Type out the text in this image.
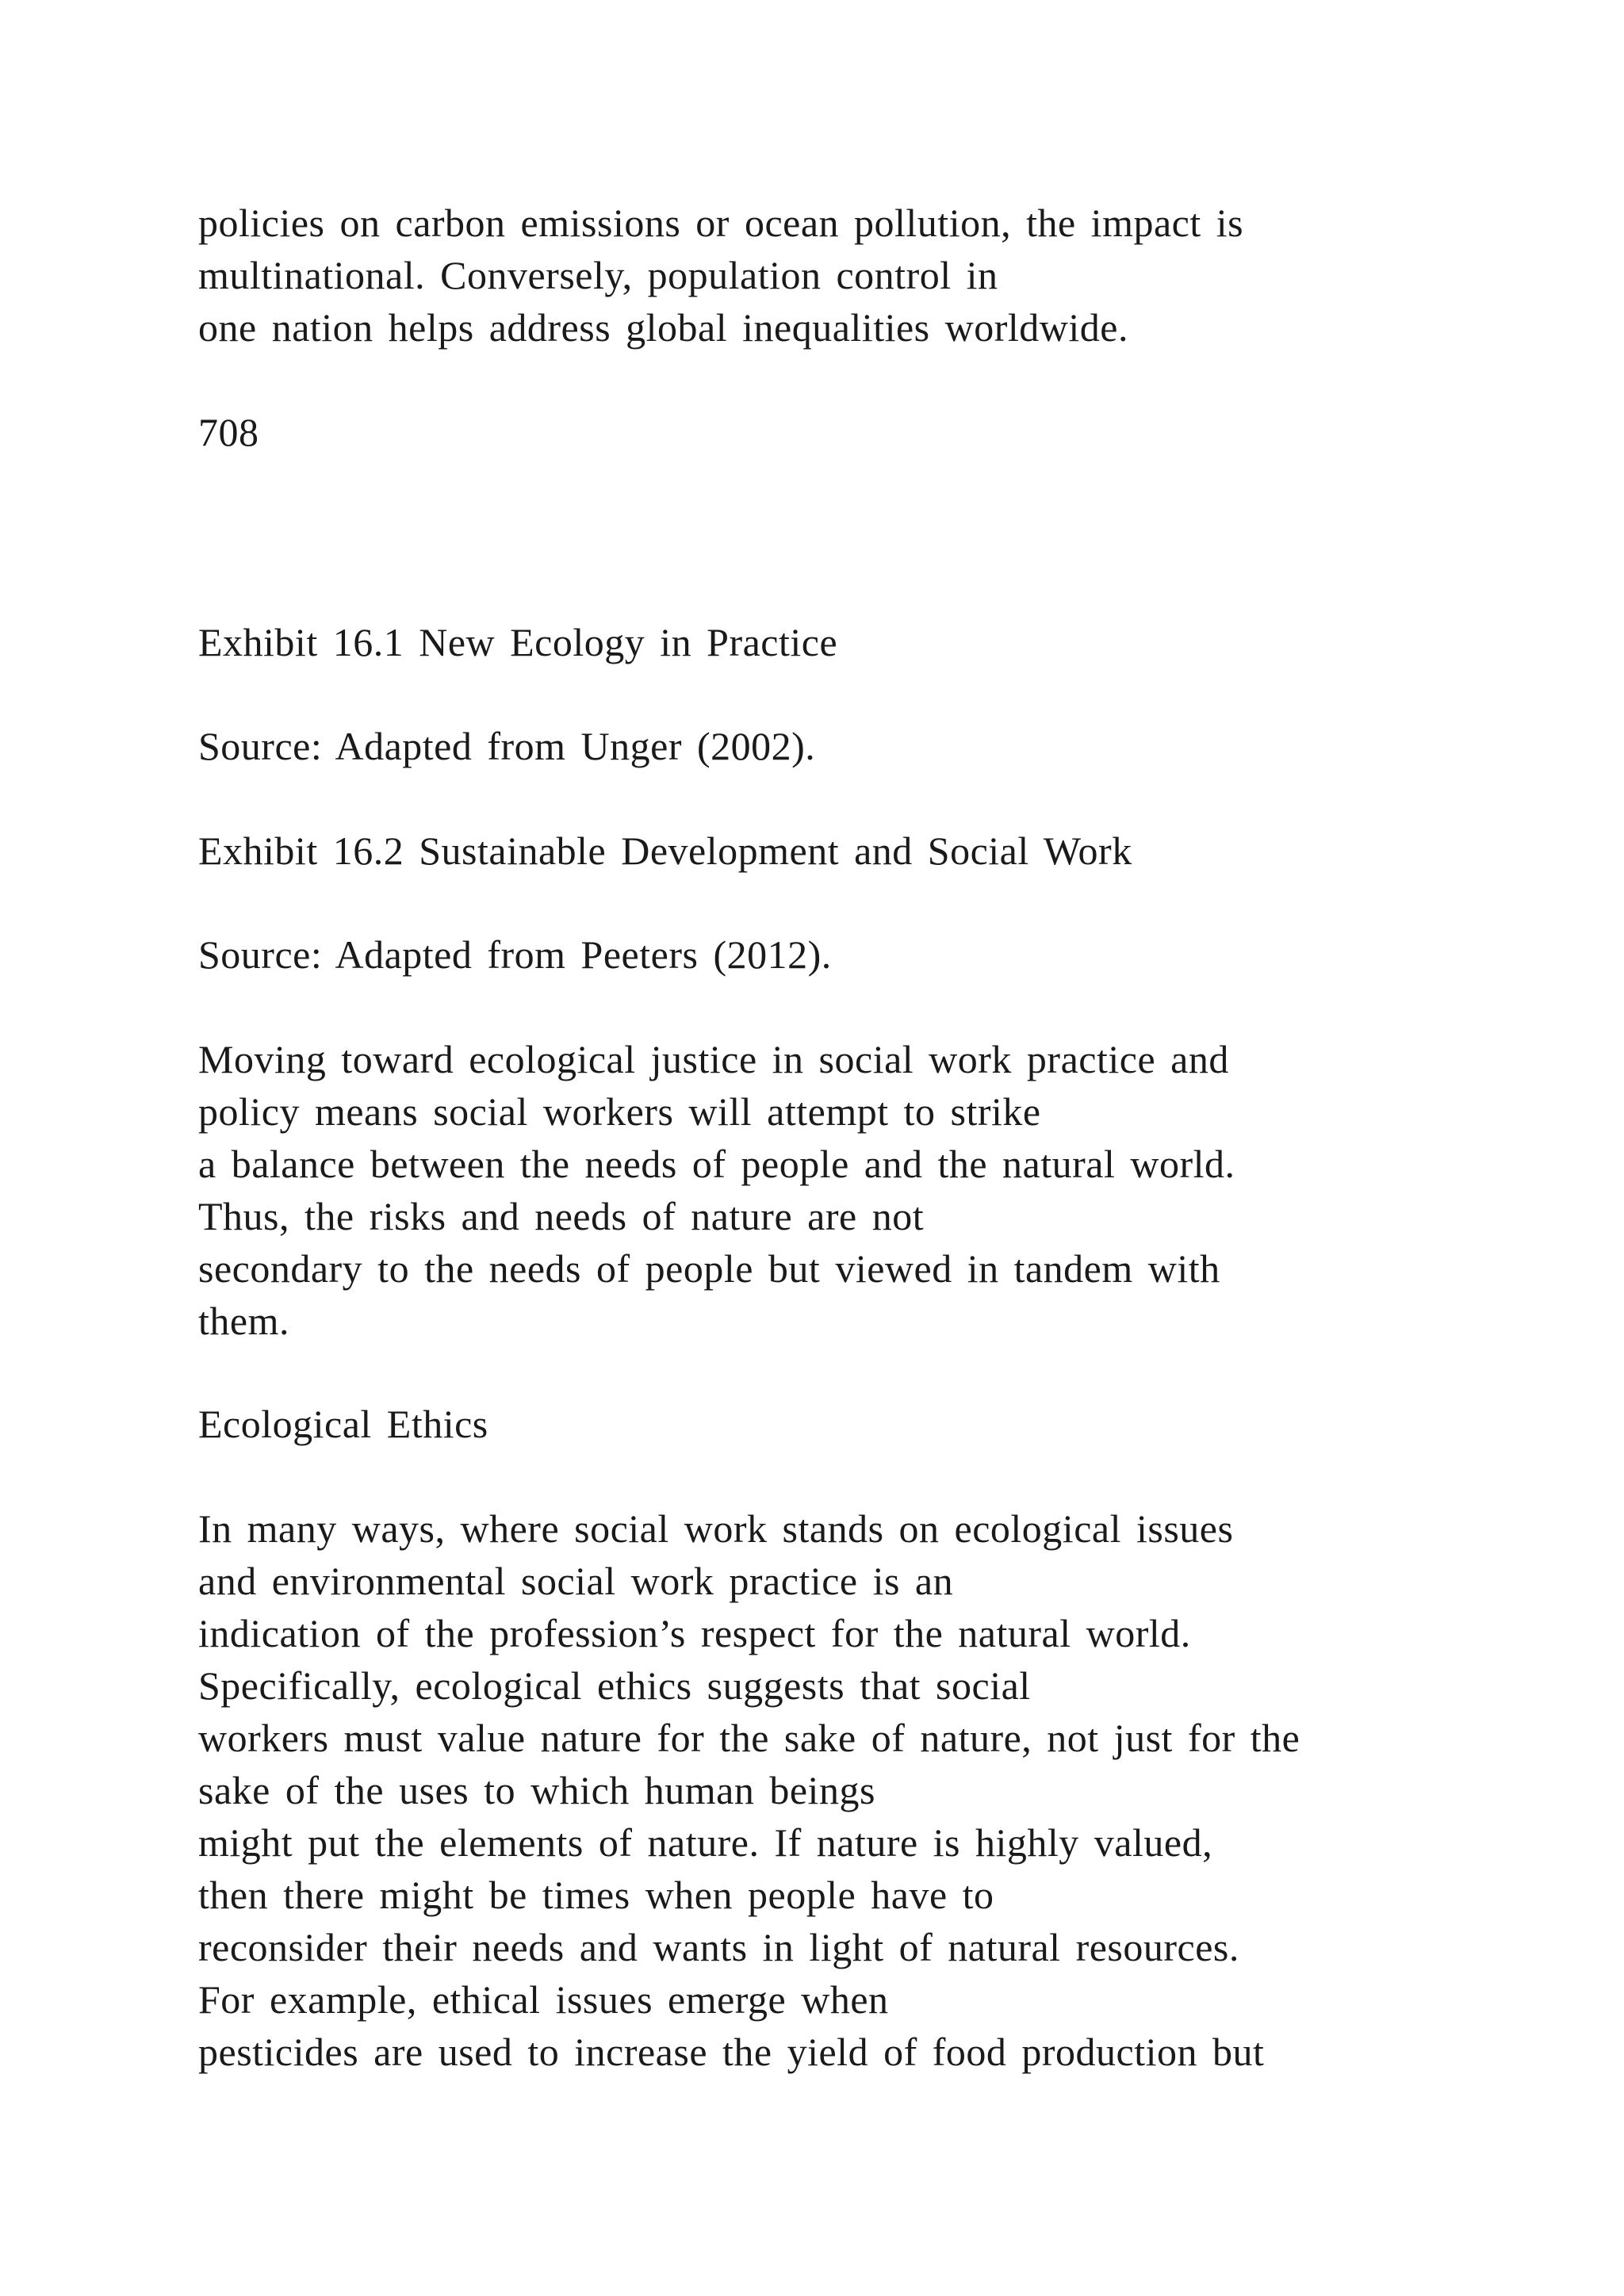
policies on carbon emissions or ocean pollution, the impact is
multinational. Conversely, population control in
one nation helps address global inequalities worldwide.
708
Exhibit 16.1 New Ecology in Practice
Source: Adapted from Unger (2002).
Exhibit 16.2 Sustainable Development and Social Work
Source: Adapted from Peeters (2012).
Moving toward ecological justice in social work practice and
policy means social workers will attempt to strike
a balance between the needs of people and the natural world.
Thus, the risks and needs of nature are not
secondary to the needs of people but viewed in tandem with
them.
Ecological Ethics
In many ways, where social work stands on ecological issues
and environmental social work practice is an
indication of the profession’s respect for the natural world.
Specifically, ecological ethics suggests that social
workers must value nature for the sake of nature, not just for the
sake of the uses to which human beings
might put the elements of nature. If nature is highly valued,
then there might be times when people have to
reconsider their needs and wants in light of natural resources.
For example, ethical issues emerge when
pesticides are used to increase the yield of food production but
